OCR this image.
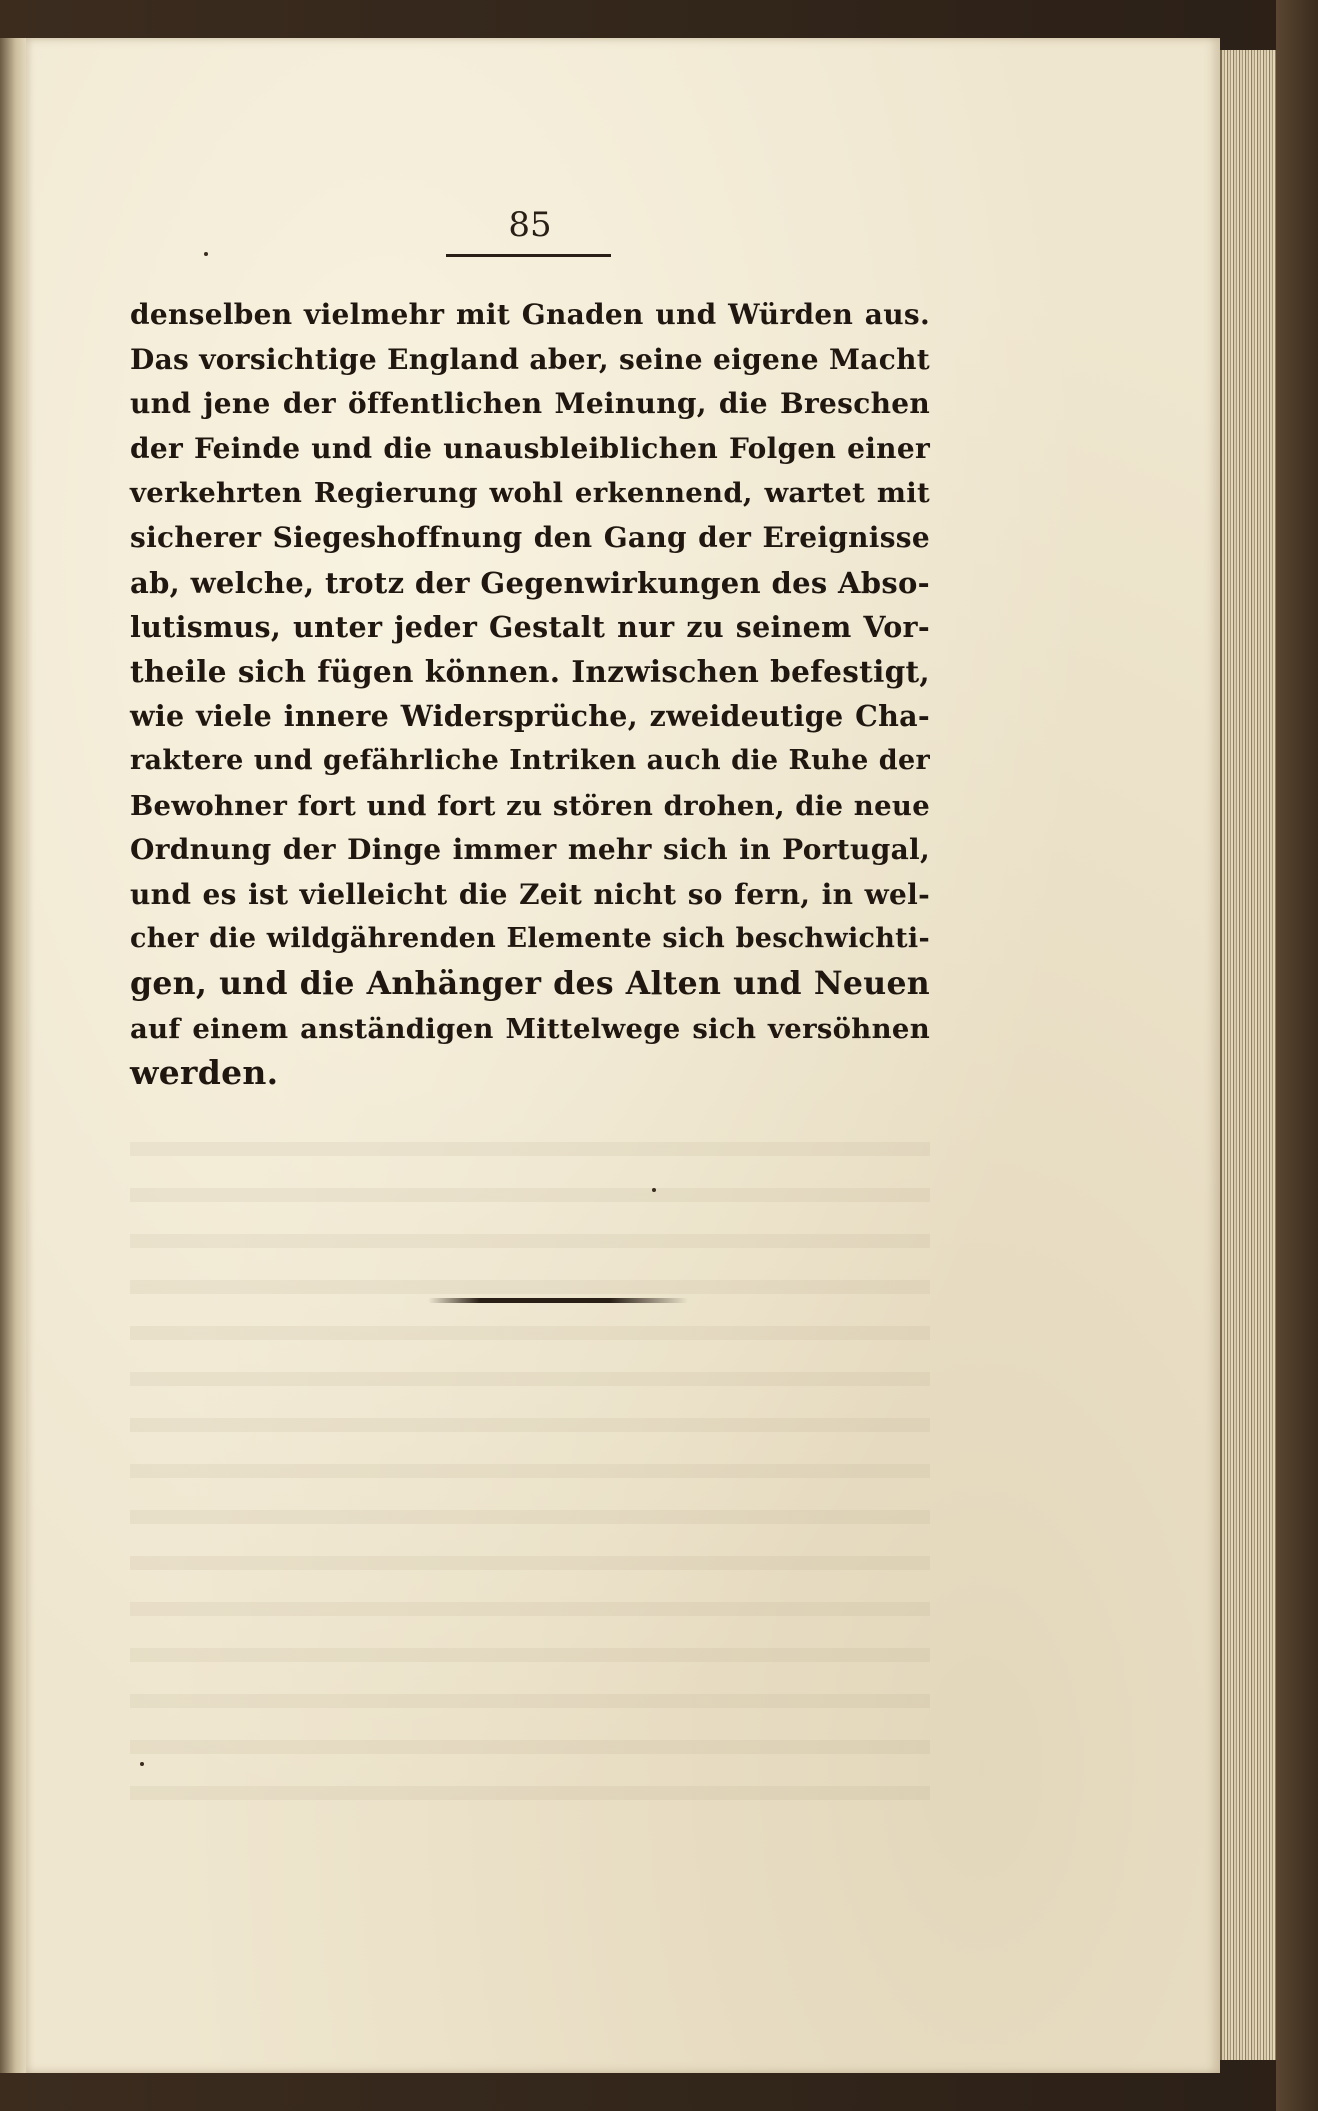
85
denselben vielmehr mit Gnaden und Würden aus.
Das vorsichtige England aber, seine eigene Macht
und jene der öffentlichen Meinung, die Breschen
der Feinde und die unausbleiblichen Folgen einer
verkehrten Regierung wohl erkennend, wartet mit
sicherer Siegeshoffnung den Gang der Ereignisse
ab, welche, trotz der Gegenwirkungen des Abso-
lutismus, unter jeder Gestalt nur zu seinem Vor-
theile sich fügen können. Inzwischen befestigt,
wie viele innere Widersprüche, zweideutige Cha-
raktere und gefährliche Intriken auch die Ruhe der
Bewohner fort und fort zu stören drohen, die neue
Ordnung der Dinge immer mehr sich in Portugal,
und es ist vielleicht die Zeit nicht so fern, in wel-
cher die wildgährenden Elemente sich beschwichti-
gen, und die Anhänger des Alten und Neuen
auf einem anständigen Mittelwege sich versöhnen
werden.
